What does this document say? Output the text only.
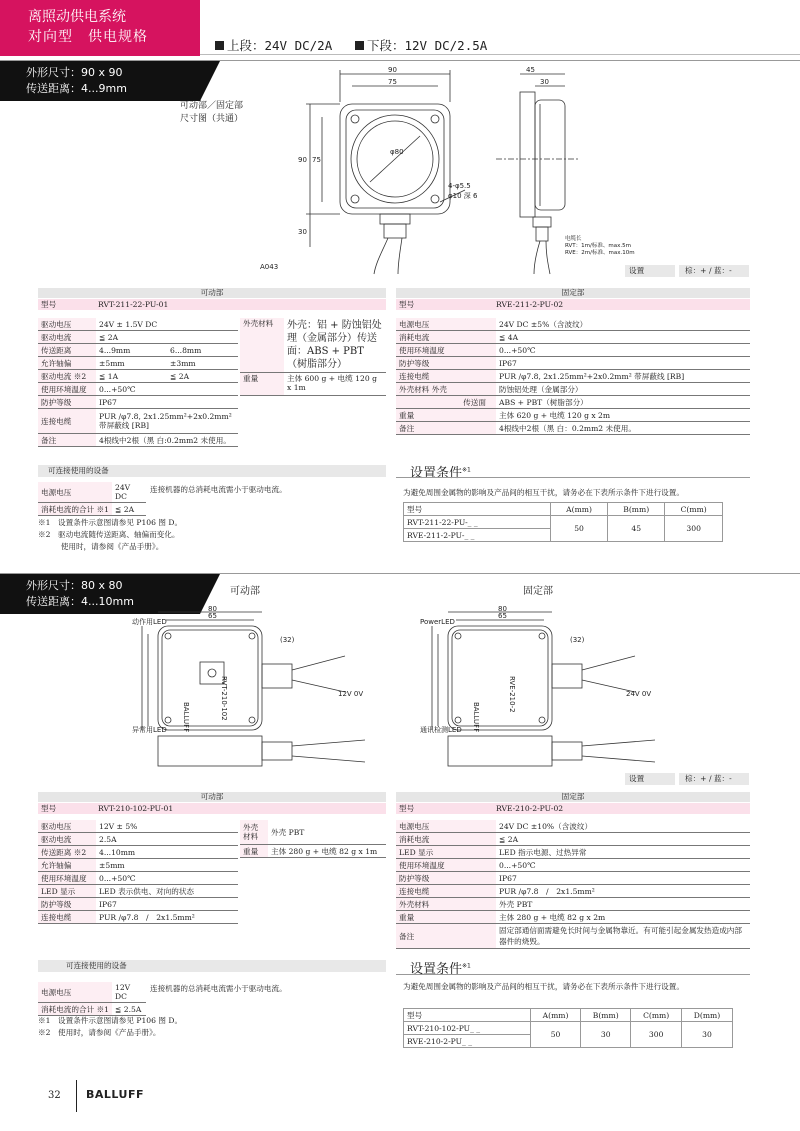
离照动供电系统
对向型　供电规格
上段：24V DC/2A	下段：12V DC/2.5A
外形尺寸：90 x 90
传送距离：4...9mm
可动部／固定部
尺寸图（共通）
90
75
φ80
90 75
30
A043
4-φ5.5
φ10 深 6
45
30
电缆长
RVT：1m/标准、max.5m
RVE：2m/标准、max.10m
设置	棕：+ / 蓝：-
可动部	固定部
型号	RVT-211-22-PU-01	型号	RVE-211-2-PU-02
驱动电压	24V ± 1.5V DC	
驱动电流	≦ 2A	
传送距离	4...9mm	6...8mm
允许轴偏	±5mm	±3mm
驱动电流 ※2	≦ 1A	≦ 2A
使用环境温度	0...+50℃	
防护等级	IP67	
连接电缆	PUR /φ7.8, 2x1.25mm²+2x0.2mm² 带屏蔽线 [RB]	
备注	4根线中2根（黑 白:0.2mm2 未使用。	
外壳材料	外壳：铝 + 防蚀铝处理（金属部分）传送面：ABS + PBT（树脂部分）
重量	主体 600 g + 电缆 120 g x 1m
电源电压	24V DC ±5%（含波纹）
消耗电流	≦ 4A
使用环境温度	0...+50℃
防护等级	IP67
连接电缆	PUR /φ7.8, 2x1.25mm²+2x0.2mm² 带屏蔽线 [RB]
外壳材料 外壳	防蚀铝处理（金属部分）
传送面	ABS + PBT（树脂部分）
重量	主体 620 g + 电缆 120 g x 2m
备注	4根线中2根（黑 白：0.2mm2 未使用。
可连接使用的设备
电源电压	24V DC
消耗电流的合计 ※1	≦ 2A
连接机器的总消耗电流需小于驱动电流。
※1　设置条件示意图请参见 P106 图 D。
※2　驱动电流随传送距离、轴偏而变化。
　　　使用时，请参阅《产品手册》。
设置条件$^{※1}$
为避免周围金属物的影响及产品间的相互干扰，请务必在下表所示条件下进行设置。
型号	A(mm)	B(mm)	C(mm)
RVT-211-22-PU-_ _	50	45	300
RVE-211-2-PU-_ _			
外形尺寸：80 x 80
传送距离：4...10mm
可动部	固定部
80
65
动作用LED
BALLUFF	RVT-210-102
(32)
12V 0V
异常用LED
80
65
PowerLED
BALLUFF
RVE-210-2
(32)
24V 0V
通讯检测LED
设置	棕：+ / 蓝：-
可动部	固定部
型号	RVT-210-102-PU-01	型号	RVE-210-2-PU-02
驱动电压	12V ± 5%
驱动电流	2.5A
传送距离 ※2	4...10mm
允许轴偏	±5mm
使用环境温度	0...+50℃
LED 显示	LED 表示供电、对向的状态
防护等级	IP67
连接电缆	PUR /φ7.8　/　2x1.5mm²
外壳材料	外壳 PBT
重量	主体 280 g + 电缆 82 g x 1m
电源电压	24V DC ±10%（含波纹）
消耗电流	≦ 2A
LED 显示	LED 指示电源、过热异常
使用环境温度	0...+50℃
防护等级	IP67
连接电缆	PUR /φ7.8　/　2x1.5mm²
外壳材料	外壳 PBT
重量	主体 280 g + 电缆 82 g x 2m
备注	固定部通信面需避免长时间与金属物靠近。有可能引起金属发热造成内部器件的烧毁。
可连接使用的设备
电源电压	12V DC
消耗电流的合计 ※1	≦ 2.5A
连接机器的总消耗电流需小于驱动电流。
※1　设置条件示意图请参见 P106 图 D。
※2　使用时，请参阅《产品手册》。
设置条件$^{※1}$
为避免周围金属物的影响及产品间的相互干扰，请务必在下表所示条件下进行设置。
型号	A(mm)	B(mm)	C(mm)	D(mm)
RVT-210-102-PU_ _	50	30	300	30
RVE-210-2-PU_ _				
32 BALLUFF
